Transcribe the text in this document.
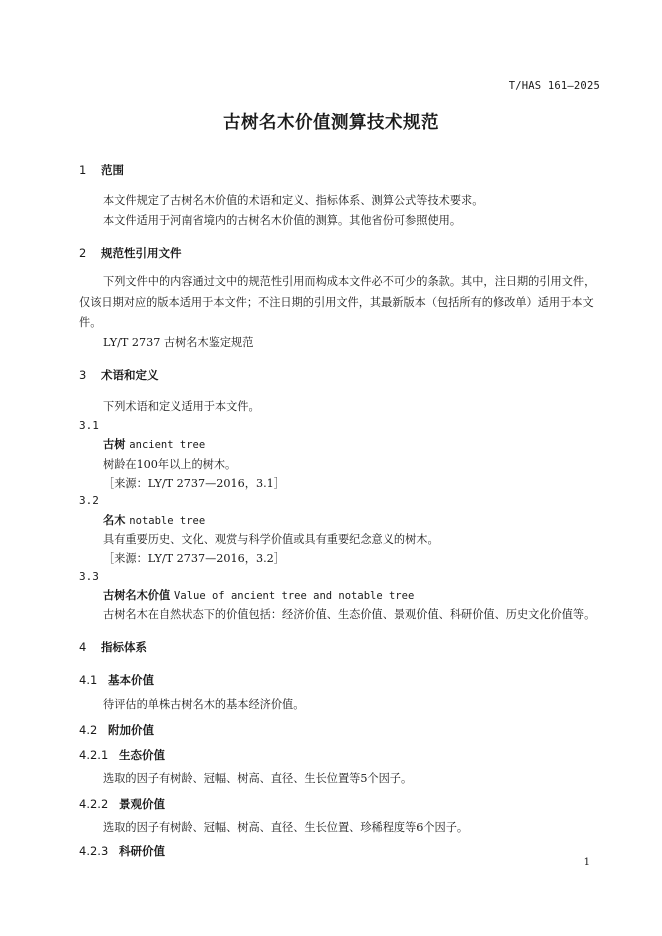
T/HAS 161—2025
古树名木价值测算技术规范
1 范围
本文件规定了古树名木价值的术语和定义、指标体系、测算公式等技术要求。
本文件适用于河南省境内的古树名木价值的测算。其他省份可参照使用。
2 规范性引用文件
下列文件中的内容通过文中的规范性引用而构成本文件必不可少的条款。其中，注日期的引用文件，仅该日期对应的版本适用于本文件；不注日期的引用文件，其最新版本（包括所有的修改单）适用于本文件。
LY/T 2737 古树名木鉴定规范
3 术语和定义
下列术语和定义适用于本文件。
3.1
古树 ancient tree
树龄在100年以上的树木。
［来源：LY/T 2737—2016，3.1］
3.2
名木 notable tree
具有重要历史、文化、观赏与科学价值或具有重要纪念意义的树木。
［来源：LY/T 2737—2016，3.2］
3.3
古树名木价值 Value of ancient tree and notable tree
古树名木在自然状态下的价值包括：经济价值、生态价值、景观价值、科研价值、历史文化价值等。
4 指标体系
4.1 基本价值
待评估的单株古树名木的基本经济价值。
4.2 附加价值
4.2.1 生态价值
选取的因子有树龄、冠幅、树高、直径、生长位置等5个因子。
4.2.2 景观价值
选取的因子有树龄、冠幅、树高、直径、生长位置、珍稀程度等6个因子。
4.2.3 科研价值
1
